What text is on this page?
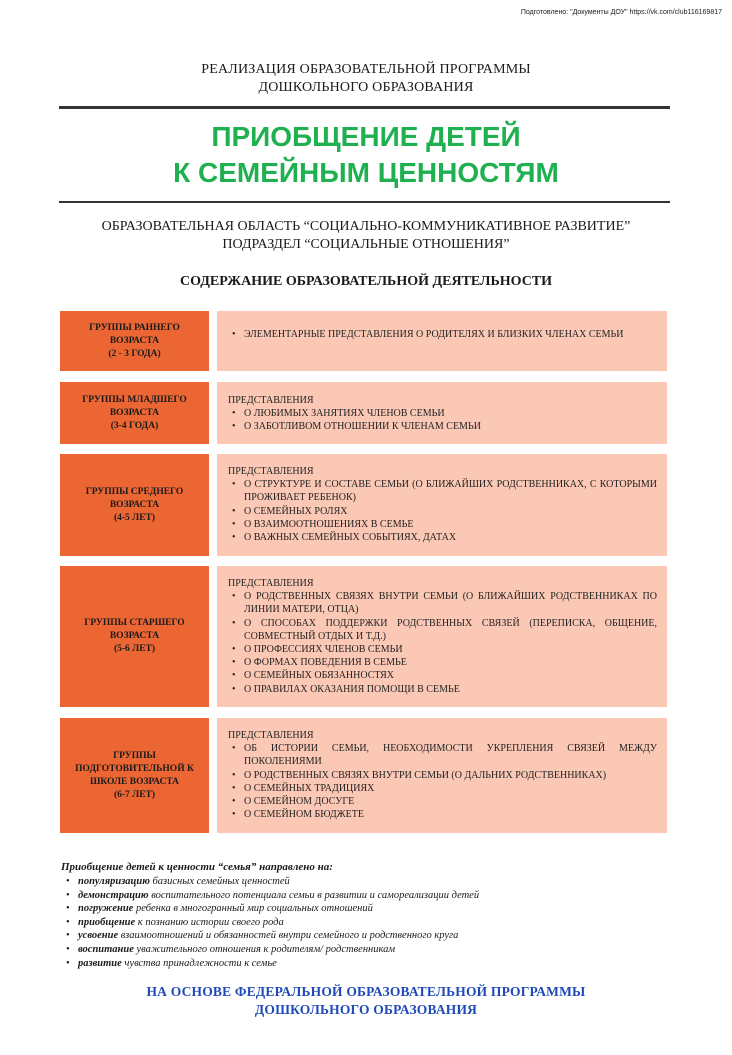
Подготовлено: "Документы ДОУ" https://vk.com/club116169817
РЕАЛИЗАЦИЯ ОБРАЗОВАТЕЛЬНОЙ ПРОГРАММЫ
ДОШКОЛЬНОГО ОБРАЗОВАНИЯ
ПРИОБЩЕНИЕ ДЕТЕЙ
К СЕМЕЙНЫМ ЦЕННОСТЯМ
ОБРАЗОВАТЕЛЬНАЯ ОБЛАСТЬ “СОЦИАЛЬНО-КОММУНИКАТИВНОЕ РАЗВИТИЕ”
ПОДРАЗДЕЛ “СОЦИАЛЬНЫЕ ОТНОШЕНИЯ”
СОДЕРЖАНИЕ ОБРАЗОВАТЕЛЬНОЙ ДЕЯТЕЛЬНОСТИ
ГРУППЫ РАННЕГО ВОЗРАСТА
(2 - 3 ГОДА)
• ЭЛЕМЕНТАРНЫЕ ПРЕДСТАВЛЕНИЯ О РОДИТЕЛЯХ И БЛИЗКИХ ЧЛЕНАХ СЕМЬИ
ГРУППЫ МЛАДШЕГО ВОЗРАСТА
(3-4 ГОДА)
ПРЕДСТАВЛЕНИЯ
• О ЛЮБИМЫХ ЗАНЯТИЯХ ЧЛЕНОВ СЕМЬИ
• О ЗАБОТЛИВОМ ОТНОШЕНИИ К ЧЛЕНАМ СЕМЬИ
ГРУППЫ СРЕДНЕГО ВОЗРАСТА
(4-5 ЛЕТ)
ПРЕДСТАВЛЕНИЯ
• О СТРУКТУРЕ И СОСТАВЕ СЕМЬИ (О БЛИЖАЙШИХ РОДСТВЕННИКАХ, С КОТОРЫМИ ПРОЖИВАЕТ РЕБЕНОК)
• О СЕМЕЙНЫХ РОЛЯХ
• О ВЗАИМООТНОШЕНИЯХ В СЕМЬЕ
• О ВАЖНЫХ СЕМЕЙНЫХ СОБЫТИЯХ, ДАТАХ
ГРУППЫ СТАРШЕГО ВОЗРАСТА
(5-6 ЛЕТ)
ПРЕДСТАВЛЕНИЯ
• О РОДСТВЕННЫХ СВЯЗЯХ ВНУТРИ СЕМЬИ (О БЛИЖАЙШИХ РОДСТВЕННИКАХ ПО ЛИНИИ МАТЕРИ, ОТЦА)
• О СПОСОБАХ ПОДДЕРЖКИ РОДСТВЕННЫХ СВЯЗЕЙ (ПЕРЕПИСКА, ОБЩЕНИЕ, СОВМЕСТНЫЙ ОТДЫХ И Т.Д.)
• О ПРОФЕССИЯХ ЧЛЕНОВ СЕМЬИ
• О ФОРМАХ ПОВЕДЕНИЯ В СЕМЬЕ
• О СЕМЕЙНЫХ ОБЯЗАННОСТЯХ
• О ПРАВИЛАХ ОКАЗАНИЯ ПОМОЩИ В СЕМЬЕ
ГРУППЫ ПОДГОТОВИТЕЛЬНОЙ К ШКОЛЕ ВОЗРАСТА
(6-7 ЛЕТ)
ПРЕДСТАВЛЕНИЯ
• ОБ ИСТОРИИ СЕМЬИ, НЕОБХОДИМОСТИ УКРЕПЛЕНИЯ СВЯЗЕЙ МЕЖДУ ПОКОЛЕНИЯМИ
• О РОДСТВЕННЫХ СВЯЗЯХ ВНУТРИ СЕМЬИ (О ДАЛЬНИХ РОДСТВЕННИКАХ)
• О СЕМЕЙНЫХ ТРАДИЦИЯХ
• О СЕМЕЙНОМ ДОСУГЕ
• О СЕМЕЙНОМ БЮДЖЕТЕ
Приобщение детей к ценности “семья” направлено на:
• популяризацию базисных семейных ценностей
• демонстрацию воспитательного потенциала семьи в развитии и самореализации детей
• погружение ребенка в многогранный мир социальных отношений
• приобщение к познанию истории своего рода
• усвоение взаимоотношений и обязанностей внутри семейного и родственного круга
• воспитание уважительного отношения к родителям/ родственникам
• развитие чувства принадлежности к семье
НА ОСНОВЕ ФЕДЕРАЛЬНОЙ ОБРАЗОВАТЕЛЬНОЙ ПРОГРАММЫ
ДОШКОЛЬНОГО ОБРАЗОВАНИЯ
